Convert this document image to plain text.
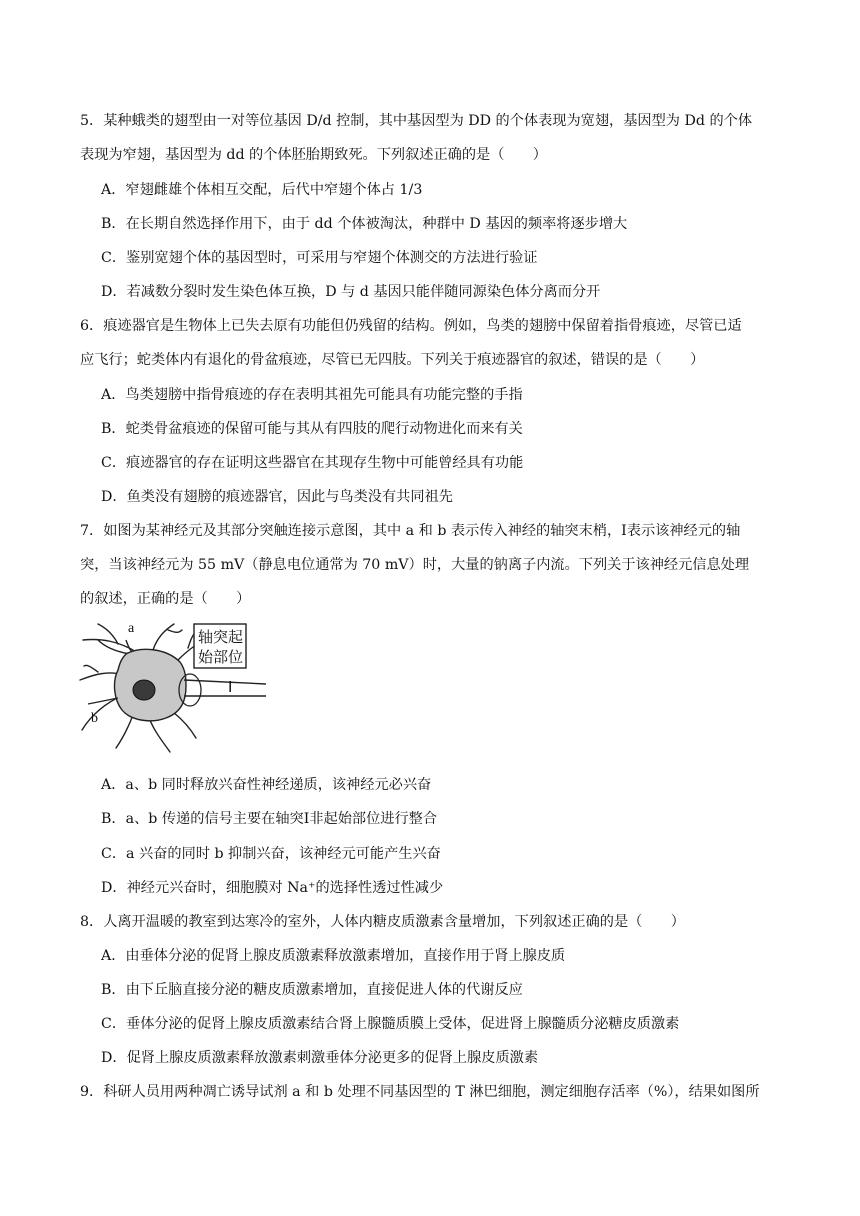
5．某种蛾类的翅型由一对等位基因 D/d 控制，其中基因型为 DD 的个体表现为宽翅，基因型为 Dd 的个体
表现为窄翅，基因型为 dd 的个体胚胎期致死。下列叙述正确的是（　　）
A．窄翅雌雄个体相互交配，后代中窄翅个体占 1/3
B．在长期自然选择作用下，由于 dd 个体被淘汰，种群中 D 基因的频率将逐步增大
C．鉴别宽翅个体的基因型时，可采用与窄翅个体测交的方法进行验证
D．若减数分裂时发生染色体互换，D 与 d 基因只能伴随同源染色体分离而分开
6．痕迹器官是生物体上已失去原有功能但仍残留的结构。例如，鸟类的翅膀中保留着指骨痕迹，尽管已适
应飞行；蛇类体内有退化的骨盆痕迹，尽管已无四肢。下列关于痕迹器官的叙述，错误的是（　　）
A．鸟类翅膀中指骨痕迹的存在表明其祖先可能具有功能完整的手指
B．蛇类骨盆痕迹的保留可能与其从有四肢的爬行动物进化而来有关
C．痕迹器官的存在证明这些器官在其现存生物中可能曾经具有功能
D．鱼类没有翅膀的痕迹器官，因此与鸟类没有共同祖先
7．如图为某神经元及其部分突触连接示意图，其中 a 和 b 表示传入神经的轴突末梢，Ⅰ表示该神经元的轴
突，当该神经元为 55 mV（静息电位通常为 70 mV）时，大量的钠离子内流。下列关于该神经元信息处理
的叙述，正确的是（　　）
轴突起
始部位
a
b
Ⅰ
A．a、b 同时释放兴奋性神经递质，该神经元必兴奋
B．a、b 传递的信号主要在轴突Ⅰ非起始部位进行整合
C．a 兴奋的同时 b 抑制兴奋，该神经元可能产生兴奋
D．神经元兴奋时，细胞膜对 Na⁺的选择性透过性减少
8．人离开温暖的教室到达寒冷的室外，人体内糖皮质激素含量增加，下列叙述正确的是（　　）
A．由垂体分泌的促肾上腺皮质激素释放激素增加，直接作用于肾上腺皮质
B．由下丘脑直接分泌的糖皮质激素增加，直接促进人体的代谢反应
C．垂体分泌的促肾上腺皮质激素结合肾上腺髓质膜上受体，促进肾上腺髓质分泌糖皮质激素
D．促肾上腺皮质激素释放激素刺激垂体分泌更多的促肾上腺皮质激素
9．科研人员用两种凋亡诱导试剂 a 和 b 处理不同基因型的 T 淋巴细胞，测定细胞存活率（%），结果如图所
